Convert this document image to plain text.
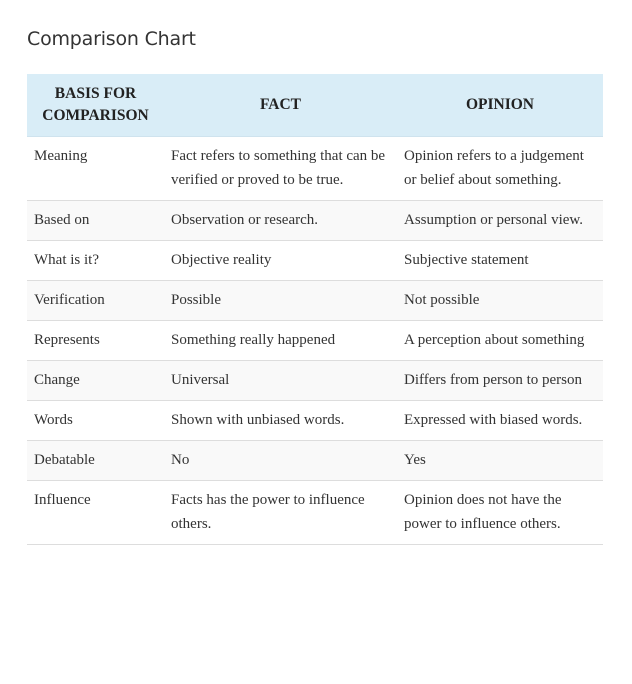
Comparison Chart
BASIS FOR COMPARISON	FACT	OPINION
Meaning	Fact refers to something that can be verified or proved to be true.	Opinion refers to a judgement or belief about something.
Based on	Observation or research.	Assumption or personal view.
What is it?	Objective reality	Subjective statement
Verification	Possible	Not possible
Represents	Something really happened	A perception about something
Change	Universal	Differs from person to person
Words	Shown with unbiased words.	Expressed with biased words.
Debatable	No	Yes
Influence	Facts has the power to influence others.	Opinion does not have the power to influence others.
